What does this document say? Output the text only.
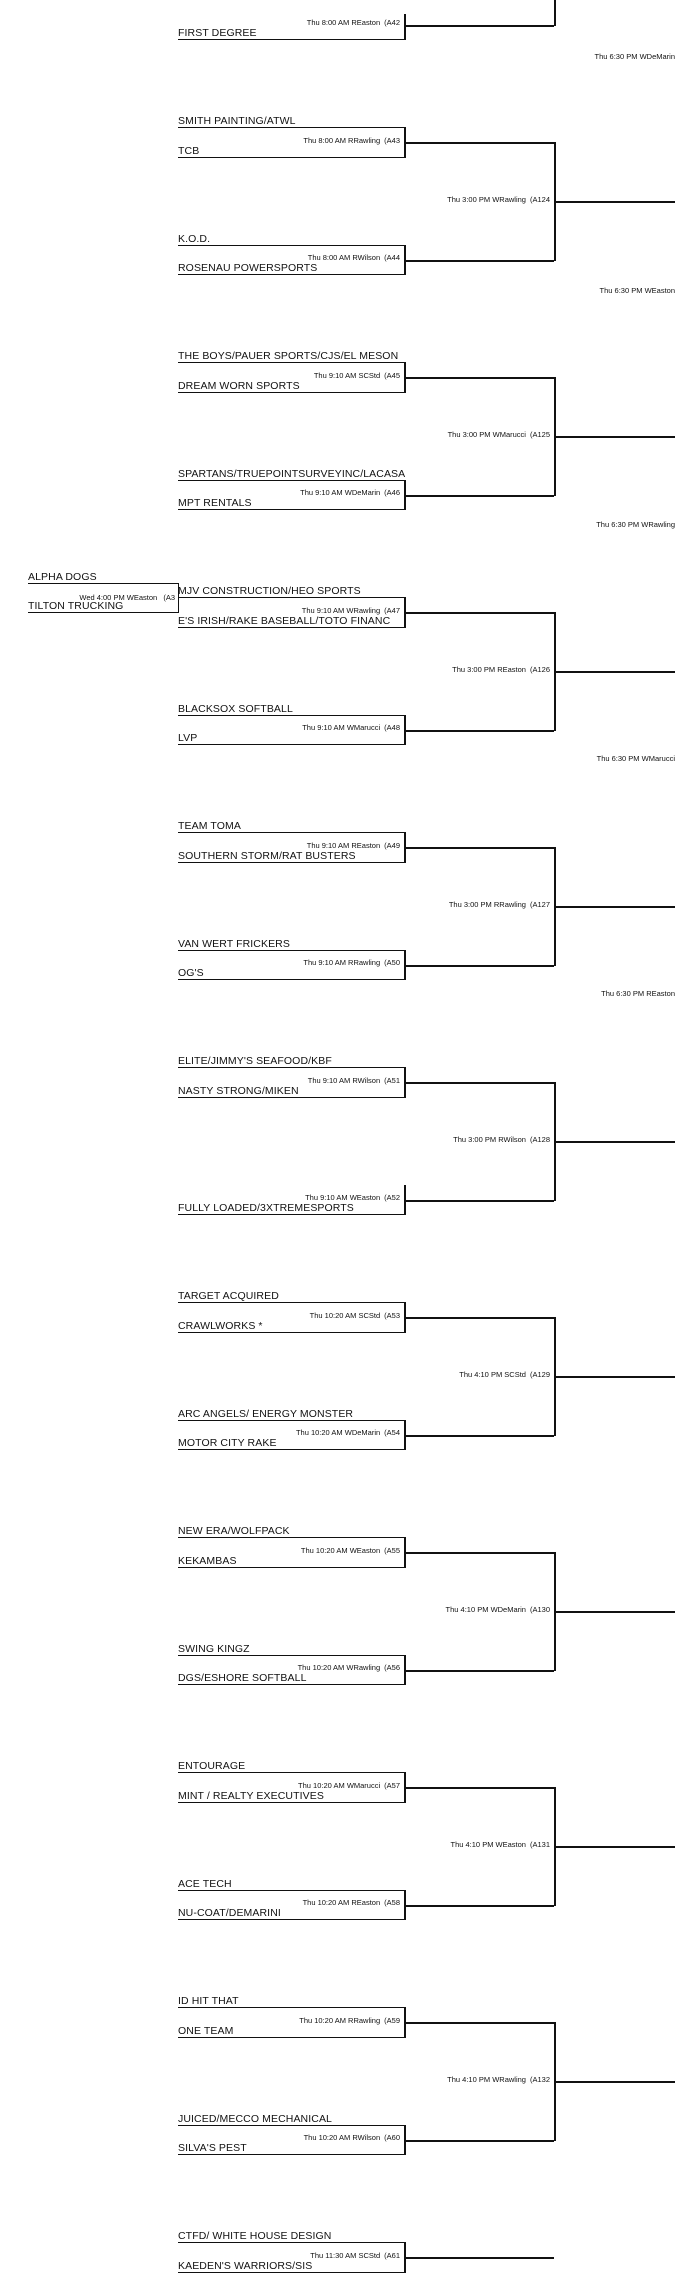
FIRST DEGREE
Thu 8:00 AM REaston (A42
SMITH PAINTING/ATWL
TCB
Thu 8:00 AM RRawling (A43
K.O.D.
ROSENAU POWERSPORTS
Thu 8:00 AM RWilson (A44
THE BOYS/PAUER SPORTS/CJS/EL MESON
DREAM WORN SPORTS
Thu 9:10 AM SCStd (A45
SPARTANS/TRUEPOINTSURVEYINC/LACASA
MPT RENTALS
Thu 9:10 AM WDeMarin (A46
MJV CONSTRUCTION/HEO SPORTS
E'S IRISH/RAKE BASEBALL/TOTO FINANC
Thu 9:10 AM WRawling (A47
BLACKSOX SOFTBALL
LVP
Thu 9:10 AM WMarucci (A48
TEAM TOMA
SOUTHERN STORM/RAT BUSTERS
Thu 9:10 AM REaston (A49
VAN WERT FRICKERS
OG'S
Thu 9:10 AM RRawling (A50
ELITE/JIMMY'S SEAFOOD/KBF
NASTY STRONG/MIKEN
Thu 9:10 AM RWilson (A51
FULLY LOADED/3XTREMESPORTS
Thu 9:10 AM WEaston (A52
TARGET ACQUIRED
CRAWLWORKS *
Thu 10:20 AM SCStd (A53
ARC ANGELS/ ENERGY MONSTER
MOTOR CITY RAKE
Thu 10:20 AM WDeMarin (A54
NEW ERA/WOLFPACK
KEKAMBAS
Thu 10:20 AM WEaston (A55
SWING KINGZ
DGS/ESHORE SOFTBALL
Thu 10:20 AM WRawling (A56
ENTOURAGE
MINT / REALTY EXECUTIVES
Thu 10:20 AM WMarucci (A57
ACE TECH
NU-COAT/DEMARINI
Thu 10:20 AM REaston (A58
ID HIT THAT
ONE TEAM
Thu 10:20 AM RRawling (A59
JUICED/MECCO MECHANICAL
SILVA'S PEST
Thu 10:20 AM RWilson (A60
CTFD/ WHITE HOUSE DESIGN
KAEDEN'S WARRIORS/SIS
Thu 11:30 AM SCStd (A61
ALPHA DOGS
TILTON TRUCKING
Wed 4:00 PM WEaston (A3
Thu 3:00 PM WRawling (A124
Thu 3:00 PM WMarucci (A125
Thu 3:00 PM REaston (A126
Thu 3:00 PM RRawling (A127
Thu 3:00 PM RWilson (A128
Thu 4:10 PM SCStd (A129
Thu 4:10 PM WDeMarin (A130
Thu 4:10 PM WEaston (A131
Thu 4:10 PM WRawling (A132
Thu 6:30 PM WDeMarin
Thu 6:30 PM WEaston
Thu 6:30 PM WRawling
Thu 6:30 PM WMarucci
Thu 6:30 PM REaston
